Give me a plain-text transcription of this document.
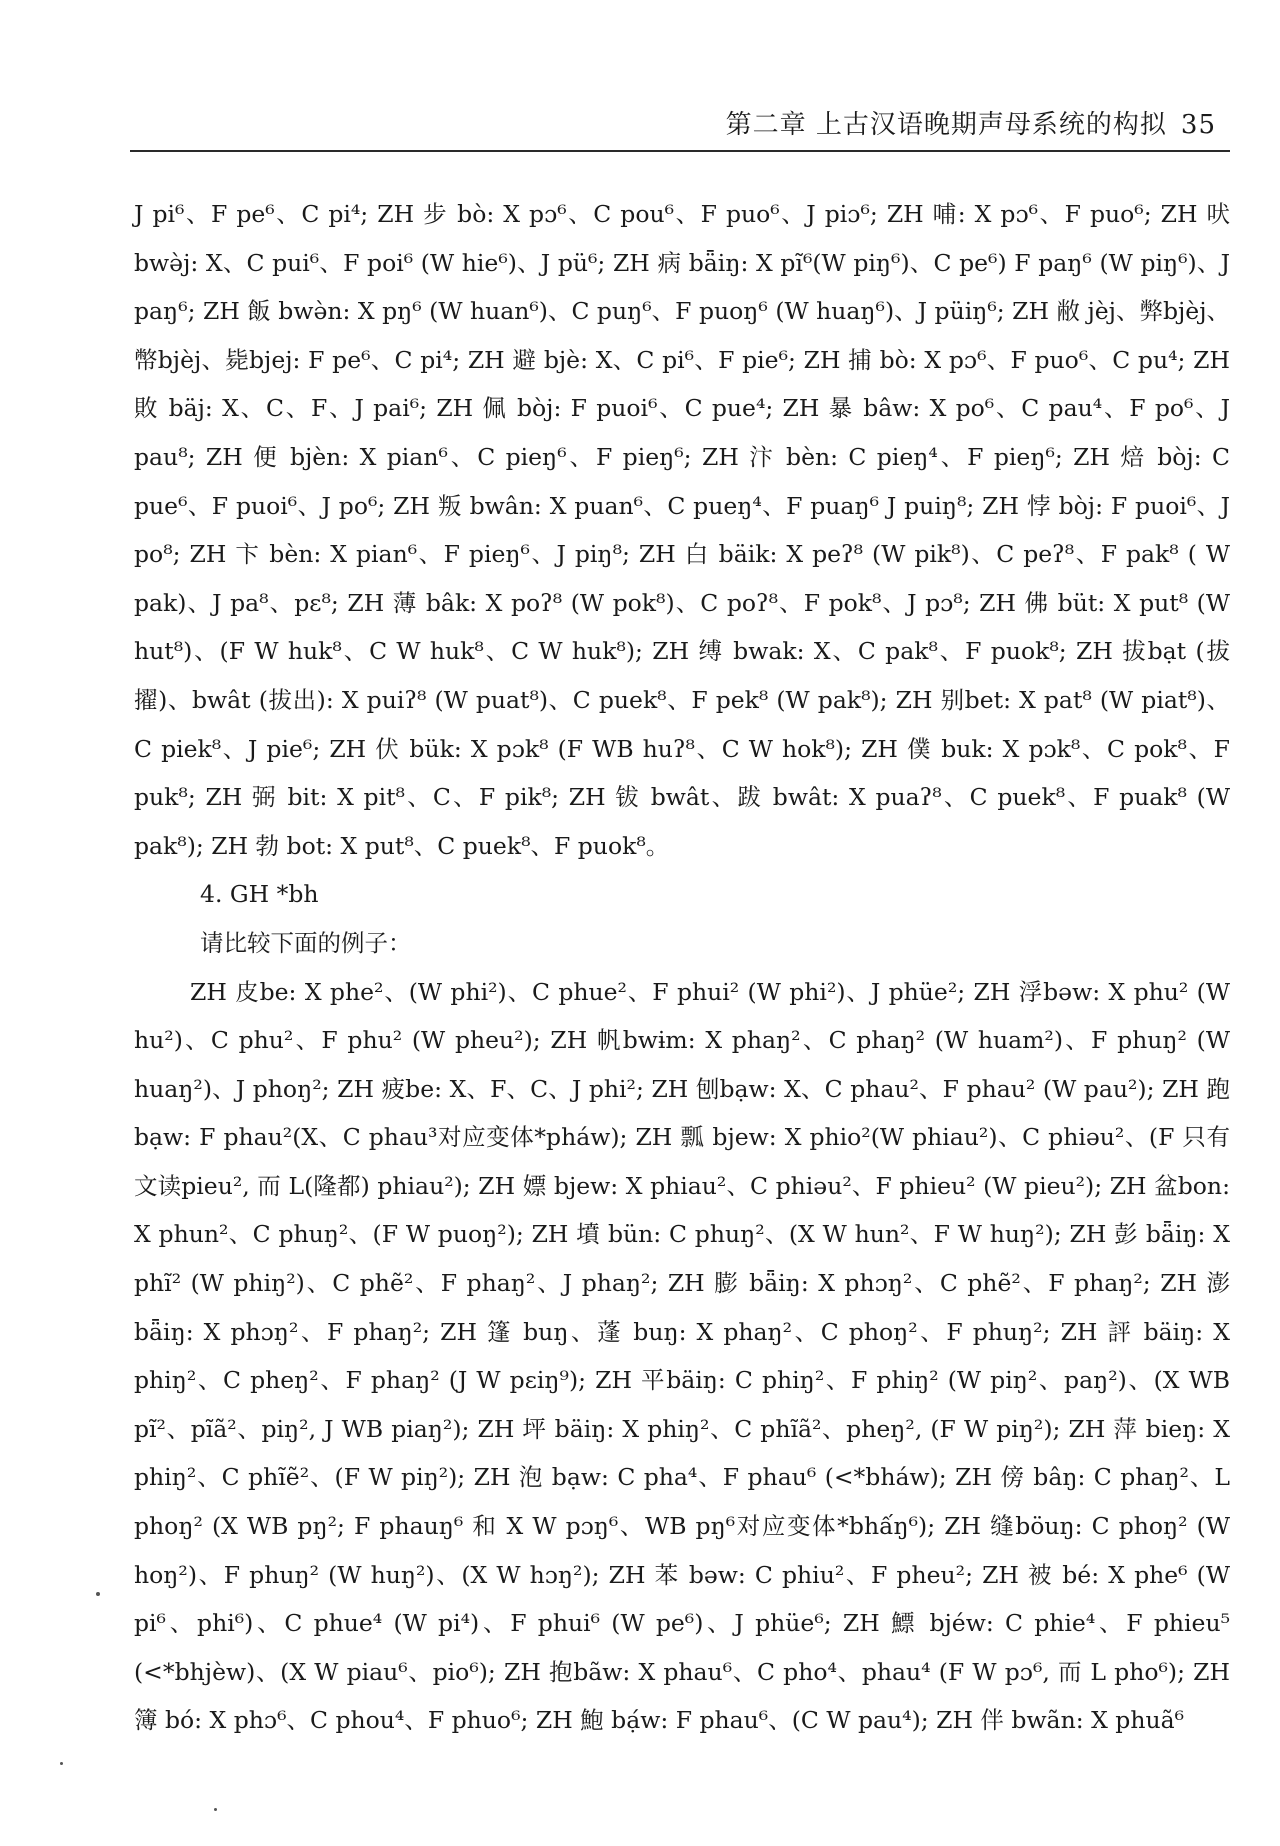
第二章 上古汉语晚期声母系统的构拟 35

J pi⁶、F pe⁶、C pi⁴; ZH 步 bò: X pɔ⁶、C pou⁶、F puo⁶、J piɔ⁶; ZH 哺: X pɔ⁶、F puo⁶; ZH 吠 bwə̀j: X、C pui⁶、F poi⁶ (W hie⁶)、J pü⁶; ZH 病 bǟiŋ: X pĩ⁶(W piŋ⁶)、C pe⁶) F paŋ⁶ (W piŋ⁶)、J paŋ⁶; ZH 飯 bwə̀n: X pŋ⁶ (W huan⁶)、C puŋ⁶、F puoŋ⁶ (W huaŋ⁶)、J püiŋ⁶; ZH 敝 jèj、弊bjèj、幣bjèj、毙bjej: F pe⁶、C pi⁴; ZH 避 bjè: X、C pi⁶、F pie⁶; ZH 捕 bò: X pɔ⁶、F puo⁶、C pu⁴; ZH 敗 bäj: X、C、F、J pai⁶; ZH 佩 bòj: F puoi⁶、C pue⁴; ZH 暴 bâw: X po⁶、C pau⁴、F po⁶、J pau⁸; ZH 便 bjèn: X pian⁶、C pieŋ⁶、F pieŋ⁶; ZH 汴 bèn: C pieŋ⁴、F pieŋ⁶; ZH 焙 bòj: C pue⁶、F puoi⁶、J po⁶; ZH 叛 bwân: X puan⁶、C pueŋ⁴、F puaŋ⁶ J puiŋ⁸; ZH 悖 bòj: F puoi⁶、J po⁸; ZH 卞 bèn: X pian⁶、F pieŋ⁶、J piŋ⁸; ZH 白 bäik: X peʔ⁸ (W pik⁸)、C peʔ⁸、F pak⁸ ( W pak)、J pa⁸、pɛ⁸; ZH 薄 bâk: X poʔ⁸ (W pok⁸)、C poʔ⁸、F pok⁸、J pɔ⁸; ZH 佛 büt: X put⁸ (W hut⁸)、(F W huk⁸、C W huk⁸、C W huk⁸); ZH 缚 bwak: X、C pak⁸、F puok⁸; ZH 拔bạt (拔擢)、bwât (拔出): X puiʔ⁸ (W puat⁸)、C puek⁸、F pek⁸ (W pak⁸); ZH 别bet: X pat⁸ (W piat⁸)、C piek⁸、J pie⁶; ZH 伏 bük: X pɔk⁸ (F WB huʔ⁸、C W hok⁸); ZH 僕 buk: X pɔk⁸、C pok⁸、F puk⁸; ZH 弼 bit: X pit⁸、C、F pik⁸; ZH 钹 bwât、跋 bwât: X puaʔ⁸、C puek⁸、F puak⁸ (W pak⁸); ZH 勃 bot: X put⁸、C puek⁸、F puok⁸。

4. GH *bh

请比较下面的例子：

ZH 皮be: X phe²、(W phi²)、C phue²、F phui² (W phi²)、J phüe²; ZH 浮bəw: X phu² (W hu²)、C phu²、F phu² (W pheu²); ZH 帆bwɨm: X phaŋ²、C phaŋ² (W huam²)、F phuŋ² (W huaŋ²)、J phoŋ²; ZH 疲be: X、F、C、J phi²; ZH 刨bạw: X、C phau²、F phau² (W pau²); ZH 跑 bạw: F phau²(X、C phau³对应变体*pháw); ZH 瓢 bjew: X phio²(W phiau²)、C phiəu²、(F 只有文读pieu², 而 L(隆都) phiau²); ZH 嫖 bjew: X phiau²、C phiəu²、F phieu² (W pieu²); ZH 盆bon: X phun²、C phuŋ²、(F W puoŋ²); ZH 墳 bün: C phuŋ²、(X W hun²、F W huŋ²); ZH 彭 bǟiŋ: X phĩ² (W phiŋ²)、C phẽ²、F phaŋ²、J phaŋ²; ZH 膨 bǟiŋ: X phɔŋ²、C phẽ²、F phaŋ²; ZH 澎 bǟiŋ: X phɔŋ²、F phaŋ²; ZH 篷 buŋ、蓬 buŋ: X phaŋ²、C phoŋ²、F phuŋ²; ZH 評 bäiŋ: X phiŋ²、C pheŋ²、F phaŋ² (J W pɛiŋ⁹); ZH 平bäiŋ: C phiŋ²、F phiŋ² (W piŋ²、paŋ²)、(X WB pĩ²、pĩã²、piŋ², J WB piaŋ²); ZH 坪 bäiŋ: X phiŋ²、C phĩã²、pheŋ², (F W piŋ²); ZH 萍 bieŋ: X phiŋ²、C phĩẽ²、(F W piŋ²); ZH 泡 bạw: C pha⁴、F phau⁶ (<*bháw); ZH 傍 bâŋ: C phaŋ²、L phoŋ² (X WB pŋ²; F phauŋ⁶ 和 X W pɔŋ⁶、WB pŋ⁶对应变体*bhấŋ⁶); ZH 缝böuŋ: C phoŋ² (W hoŋ²)、F phuŋ² (W huŋ²)、(X W hɔŋ²); ZH 苯 bəw: C phiu²、F pheu²; ZH 被 bé: X phe⁶ (W pi⁶、phi⁶)、C phue⁴ (W pi⁴)、F phui⁶ (W pe⁶)、J phüe⁶; ZH 鰾 bjéw: C phie⁴、F phieu⁵ (<*bhjèw)、(X W piau⁶、pio⁶); ZH 抱bãw: X phau⁶、C pho⁴、phau⁴ (F W pɔ⁶, 而 L pho⁶); ZH 簿 bó: X phɔ⁶、C phou⁴、F phuo⁶; ZH 鮑 bạ́w: F phau⁶、(C W pau⁴); ZH 伴 bwãn: X phuã⁶
